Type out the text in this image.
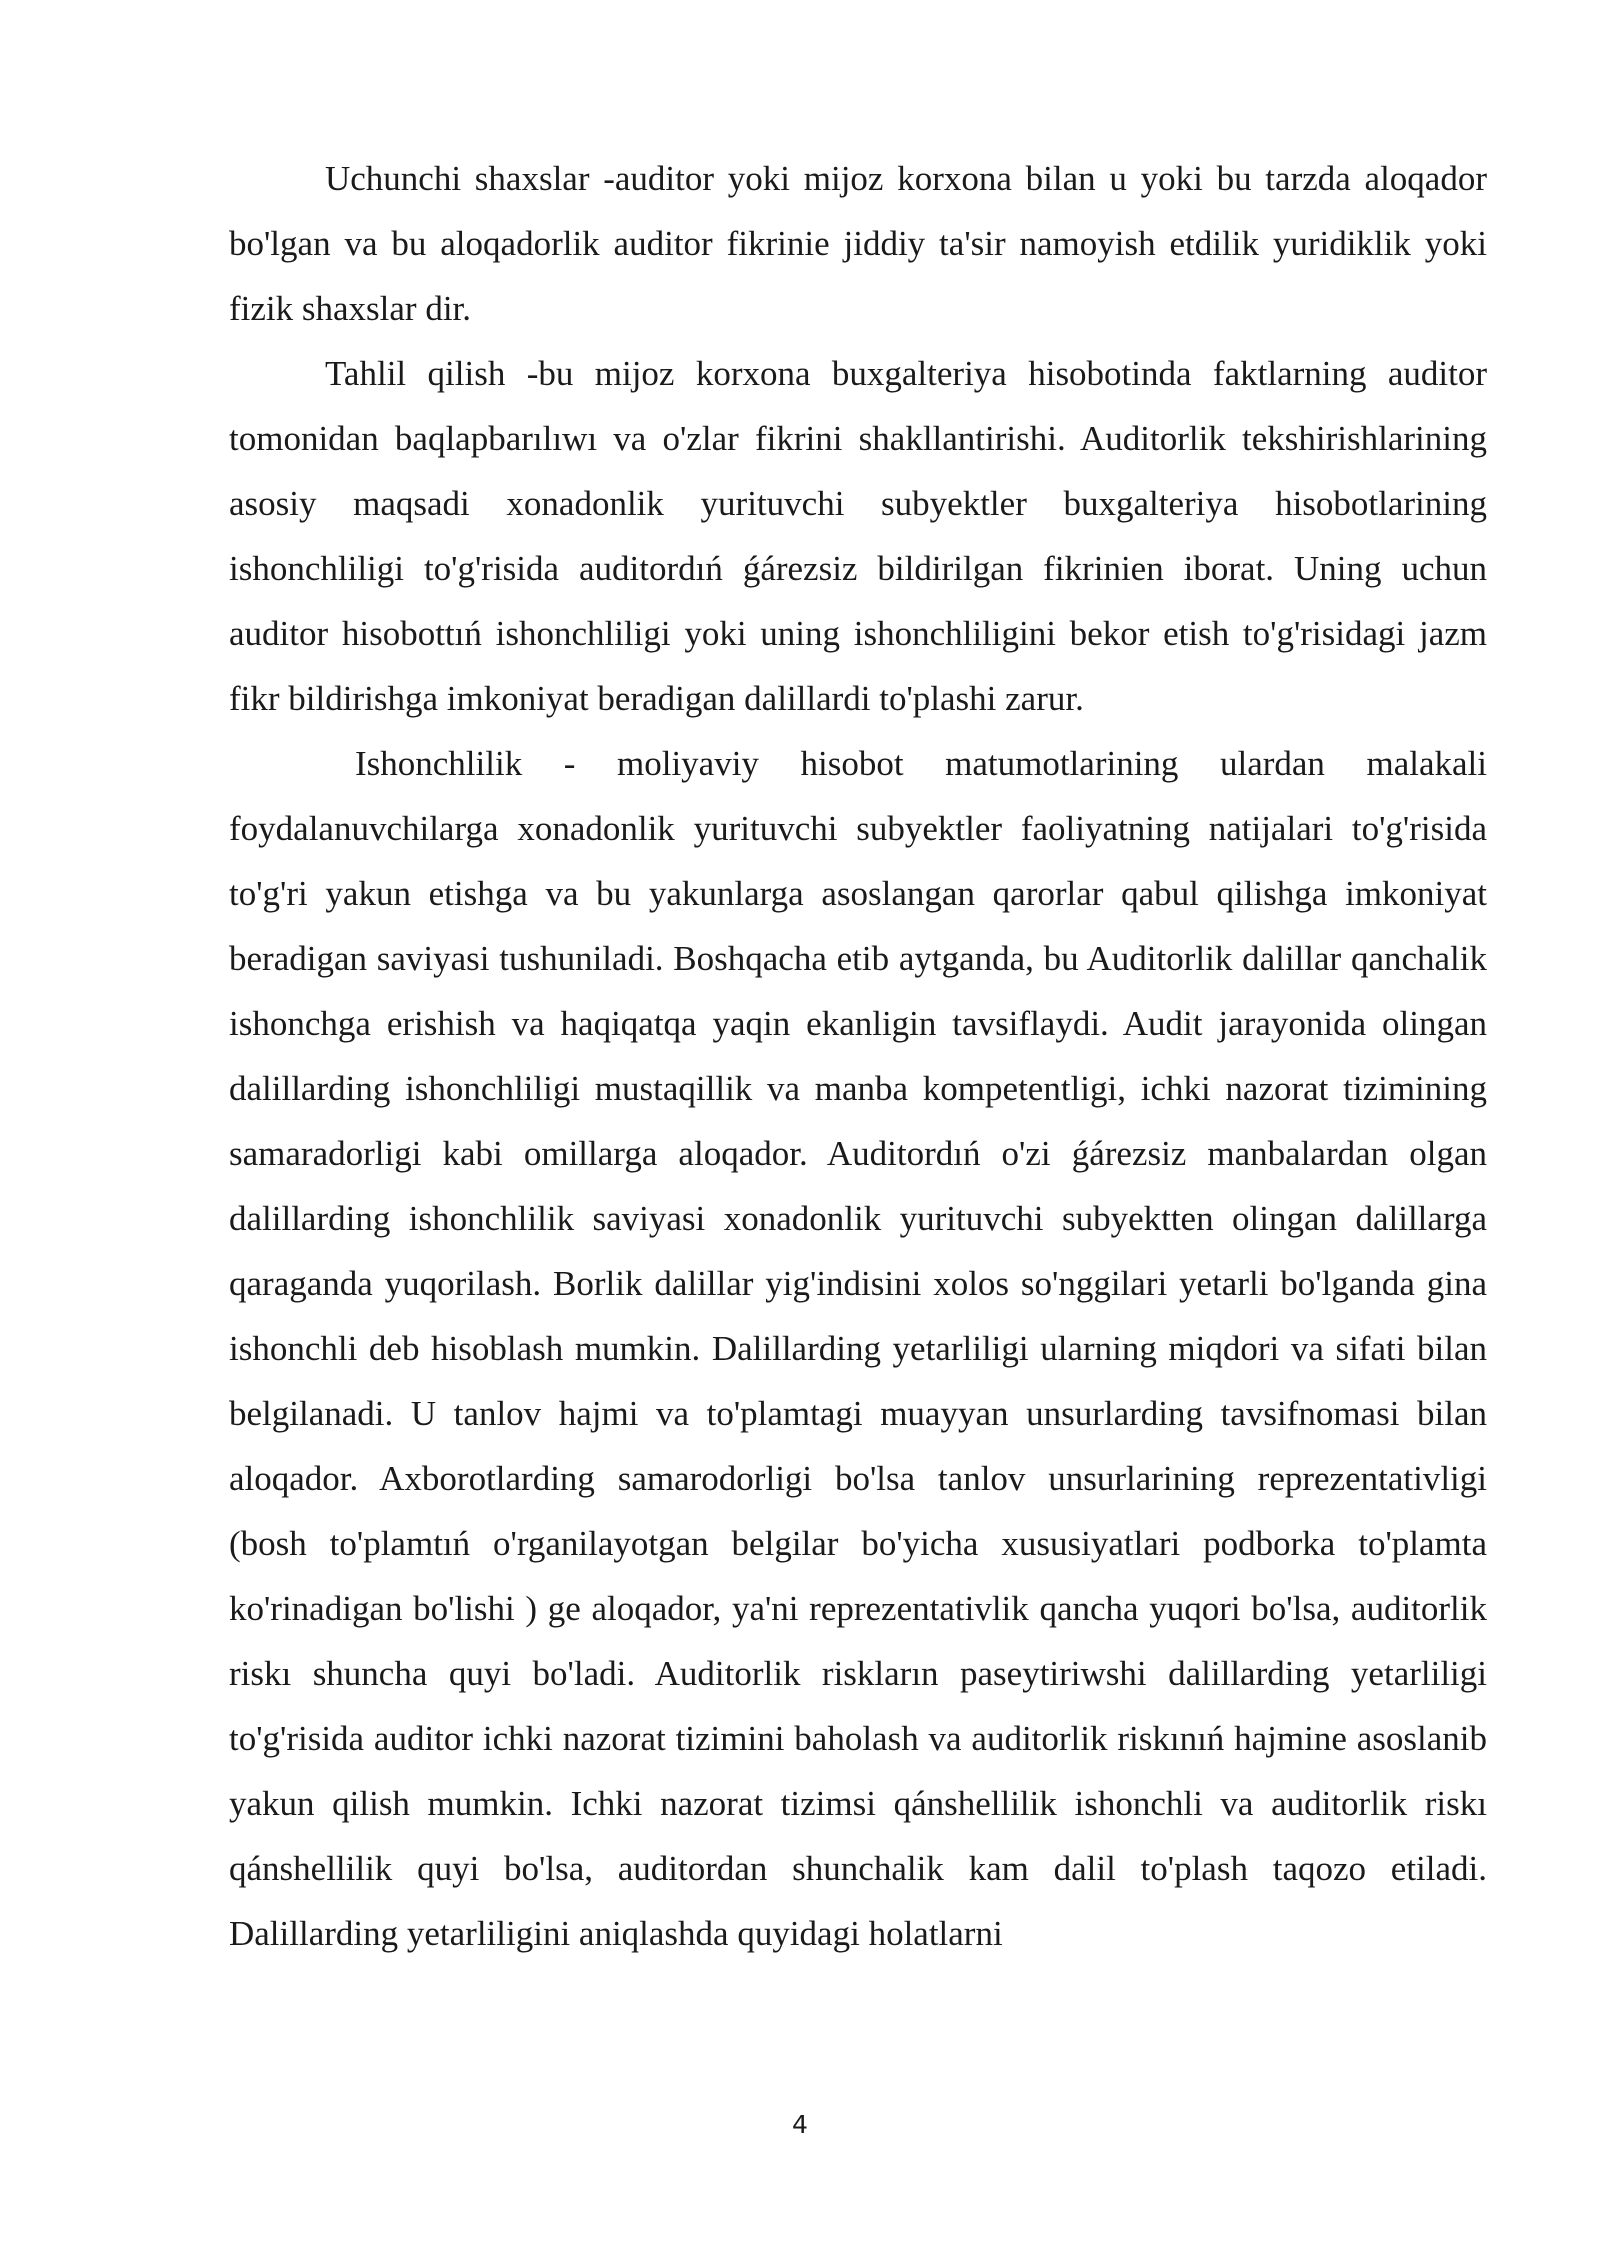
Uchunchi shaxslar -auditor yoki mijoz korxona bilan u yoki bu tarzda aloqador bo'lgan va bu aloqadorlik auditor fikrinie jiddiy ta'sir namoyish etdilik yuridiklik yoki fizik shaxslar dir.

Tahlil qilish -bu mijoz korxona buxgalteriya hisobotinda faktlarning auditor tomonidan baqlapbarılıwı va o'zlar fikrini shakllantirishi. Auditorlik tekshirishlarining asosiy maqsadi xonadonlik yurituvchi subyektler buxgalteriya hisobotlarining ishonchliligi to'g'risida auditordıń ǵárezsiz bildirilgan fikrinien iborat. Uning uchun auditor hisobottıń ishonchliligi yoki uning ishonchliligini bekor etish to'g'risidagi jazm fikr bildirishga imkoniyat beradigan dalillardi to'plashi zarur.

Ishonchlilik - moliyaviy hisobot matumotlarining ulardan malakali foydalanuvchilarga xonadonlik yurituvchi subyektler faoliyatning natijalari to'g'risida to'g'ri yakun etishga va bu yakunlarga asoslangan qarorlar qabul qilishga imkoniyat beradigan saviyasi tushuniladi. Boshqacha etib aytganda, bu Auditorlik dalillar qanchalik ishonchga erishish va haqiqatqa yaqin ekanligin tavsiflaydi. Audit jarayonida olingan dalillarding ishonchliligi mustaqillik va manba kompetentligi, ichki nazorat tizimining samaradorligi kabi omillarga aloqador. Auditordıń o'zi ǵárezsiz manbalardan olgan dalillarding ishonchlilik saviyasi xonadonlik yurituvchi subyektten olingan dalillarga qaraganda yuqorilash. Borlik dalillar yig'indisini xolos so'nggilari yetarli bo'lganda gina ishonchli deb hisoblash mumkin. Dalillarding yetarliligi ularning miqdori va sifati bilan belgilanadi. U tanlov hajmi va to'plamtagi muayyan unsurlarding tavsifnomasi bilan aloqador. Axborotlarding samarodorligi bo'lsa tanlov unsurlarining reprezentativligi (bosh to'plamtıń o'rganilayotgan belgilar bo'yicha xususiyatlari podborka to'plamta ko'rinadigan bo'lishi ) ge aloqador, ya'ni reprezentativlik qancha yuqori bo'lsa, auditorlik riskı shuncha quyi bo'ladi. Auditorlik riskların paseytiriwshi dalillarding yetarliligi to'g'risida auditor ichki nazorat tizimini baholash va auditorlik riskınıń hajmine asoslanib yakun qilish mumkin. Ichki nazorat tizimsi qánshellilik ishonchli va auditorlik riskı qánshellilik quyi bo'lsa, auditordan shunchalik kam dalil to'plash taqozo etiladi. Dalillarding yetarliligini aniqlashda quyidagi holatlarni

4
